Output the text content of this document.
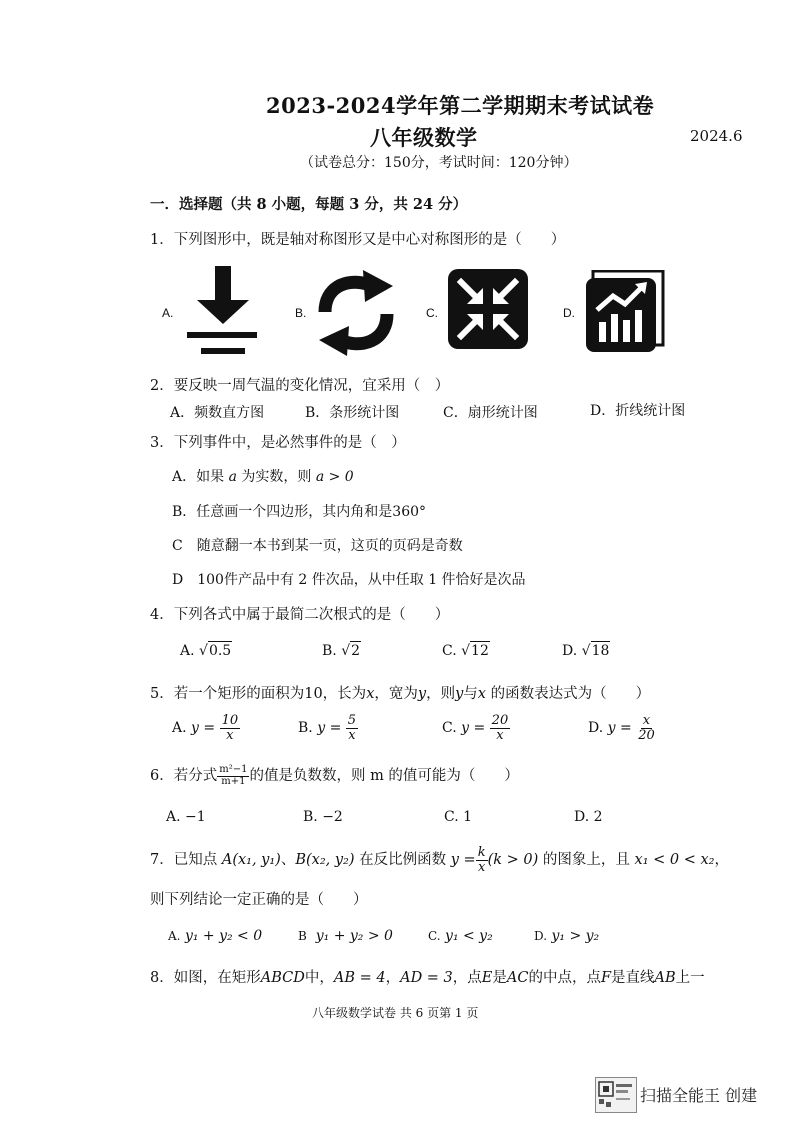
2023-2024学年第二学期期末考试试卷
八年级数学	2024.6
（试卷总分：150分，考试时间：120分钟）
一．选择题（共 8 小题，每题 3 分，共 24 分）
1．下列图形中，既是轴对称图形又是中心对称图形的是（　　）
A.	B.	C.	D.
2．要反映一周气温的变化情况，宜采用（　）
A．频数直方图	B．条形统计图	C．扇形统计图	D．折线统计图
3．下列事件中，是必然事件的是（　）
A．如果 a 为实数，则 a > 0
B．任意画一个四边形，其内角和是360°
C　随意翻一本书到某一页，这页的页码是奇数
D　100件产品中有 2 件次品，从中任取 1 件恰好是次品
4．下列各式中属于最简二次根式的是（　　）
A. √ 0.5	B. √ 2	C. √ 12	D. √ 18
5．若一个矩形的面积为10，长为x，宽为y，则y与x 的函数表达式为（　　）
A. $y = \frac{10}{x}$	B. $y = \frac{5}{x}$	C. $y = \frac{20}{x}$	D. $y = \frac{x}{20}$
6．若分式 $\frac{\text{m²−1}}{m+1}$ 的值是负数数，则 m 的值可能为（　　）
A. −1	B. −2	C. 1	D. 2
7．已知点 A(x₁, y₁)、B(x₂, y₂) 在反比例函数 $y = \frac{k}{x} (k > 0)$ 的图象上，且 x₁ < 0 < x₂，
则下列结论一定正确的是（　　）
A. y₁ + y₂ < 0	B y₁ + y₂ > 0	C. y₁ < y₂	D. y₁ > y₂
8．如图，在矩形ABCD中，AB = 4，AD = 3，点E是AC的中点，点F是直线AB上一
八年级数学试卷 共 6 页第 1 页
扫描全能王 创建
